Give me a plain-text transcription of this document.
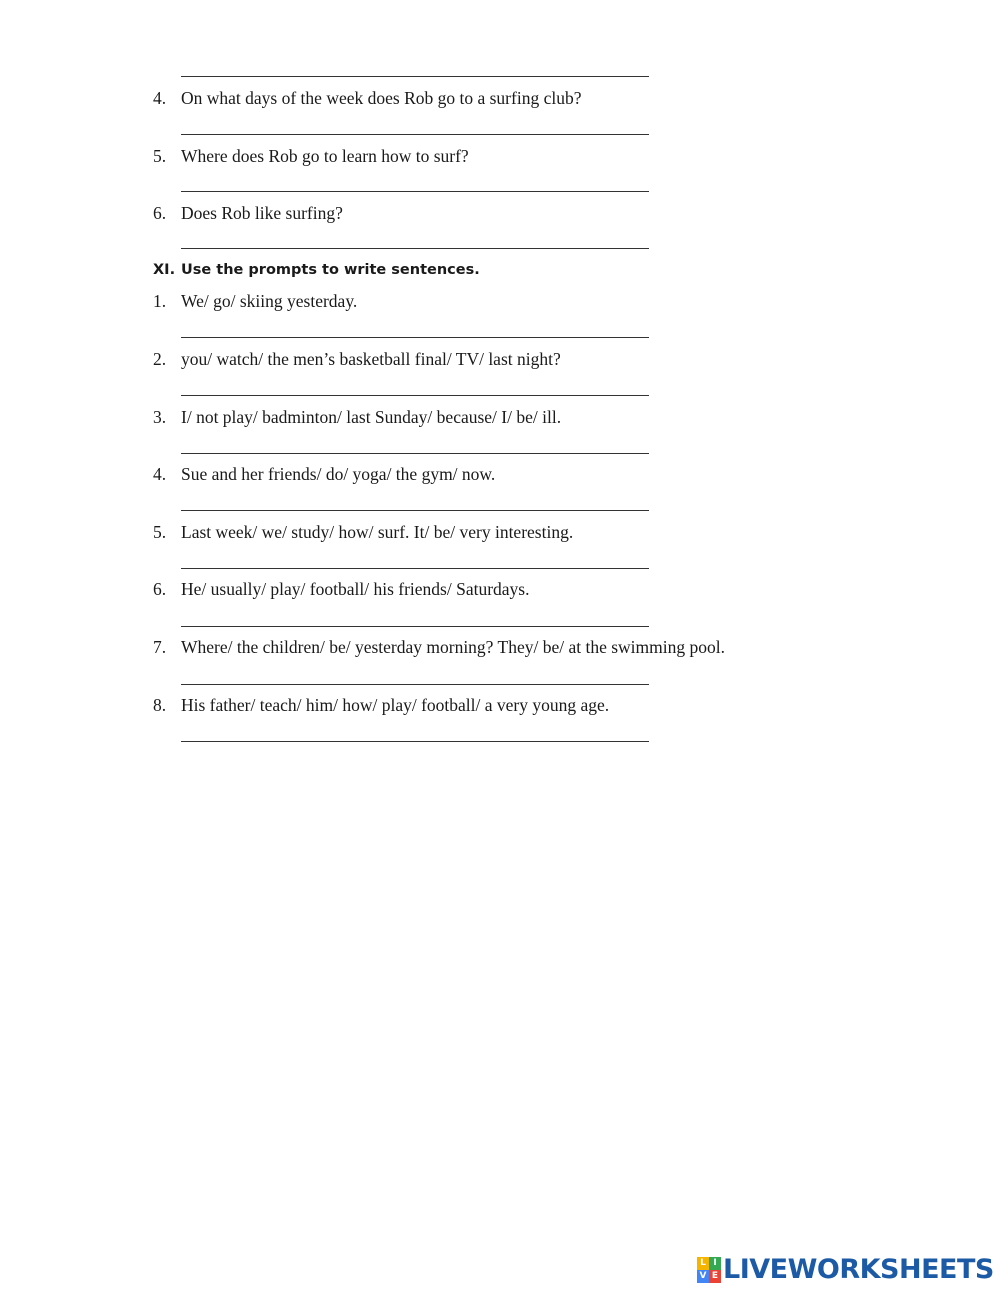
4. On what days of the week does Rob go to a surfing club?
5. Where does Rob go to learn how to surf?
6. Does Rob like surfing?
XI. Use the prompts to write sentences.
1. We/ go/ skiing yesterday.
2. you/ watch/ the men’s basketball final/ TV/ last night?
3. I/ not play/ badminton/ last Sunday/ because/ I/ be/ ill.
4. Sue and her friends/ do/ yoga/ the gym/ now.
5. Last week/ we/ study/ how/ surf. It/ be/ very interesting.
6. He/ usually/ play/ football/ his friends/ Saturdays.
7. Where/ the children/ be/ yesterday morning? They/ be/ at the swimming pool.
8. His father/ teach/ him/ how/ play/ football/ a very young age.
L I
V E LIVEWORKSHEETS
